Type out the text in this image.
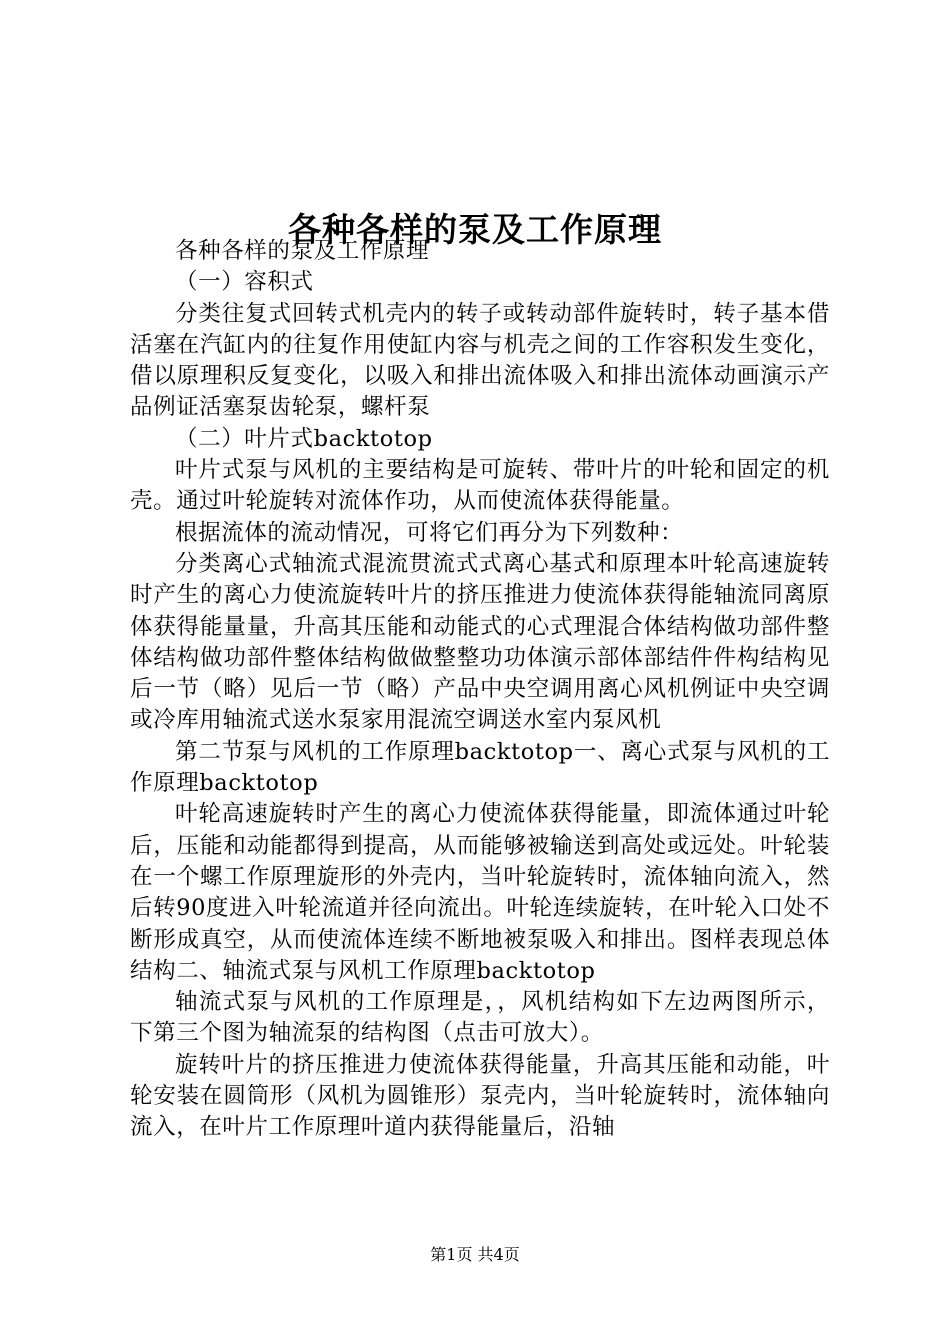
各种各样的泵及工作原理

各种各样的泵及工作原理

（一）容积式

分类往复式回转式机壳内的转子或转动部件旋转时，转子基本借活塞在汽缸内的往复作用使缸内容与机壳之间的工作容积发生变化，借以原理积反复变化，以吸入和排出流体吸入和排出流体动画演示产品例证活塞泵齿轮泵，螺杆泵

（二）叶片式backtotop

叶片式泵与风机的主要结构是可旋转、带叶片的叶轮和固定的机壳。通过叶轮旋转对流体作功，从而使流体获得能量。

根据流体的流动情况，可将它们再分为下列数种：

分类离心式轴流式混流贯流式式离心基式和原理本叶轮高速旋转时产生的离心力使流旋转叶片的挤压推进力使流体获得能轴流同离原体获得能量量，升高其压能和动能式的心式理混合体结构做功部件整体结构做功部件整体结构做做整整功功体演示部体部结件件构结构见后一节（略）见后一节（略）产品中央空调用离心风机例证中央空调或冷库用轴流式送水泵家用混流空调送水室内泵风机

第二节泵与风机的工作原理backtotop一、离心式泵与风机的工作原理backtotop

叶轮高速旋转时产生的离心力使流体获得能量，即流体通过叶轮后，压能和动能都得到提高，从而能够被输送到高处或远处。叶轮装在一个螺工作原理旋形的外壳内，当叶轮旋转时，流体轴向流入，然后转90度进入叶轮流道并径向流出。叶轮连续旋转，在叶轮入口处不断形成真空，从而使流体连续不断地被泵吸入和排出。图样表现总体结构二、轴流式泵与风机工作原理backtotop

轴流式泵与风机的工作原理是，，风机结构如下左边两图所示，下第三个图为轴流泵的结构图（点击可放大）。

旋转叶片的挤压推进力使流体获得能量，升高其压能和动能，叶轮安装在圆筒形（风机为圆锥形）泵壳内，当叶轮旋转时，流体轴向流入，在叶片工作原理叶道内获得能量后，沿轴

第1页 共4页
